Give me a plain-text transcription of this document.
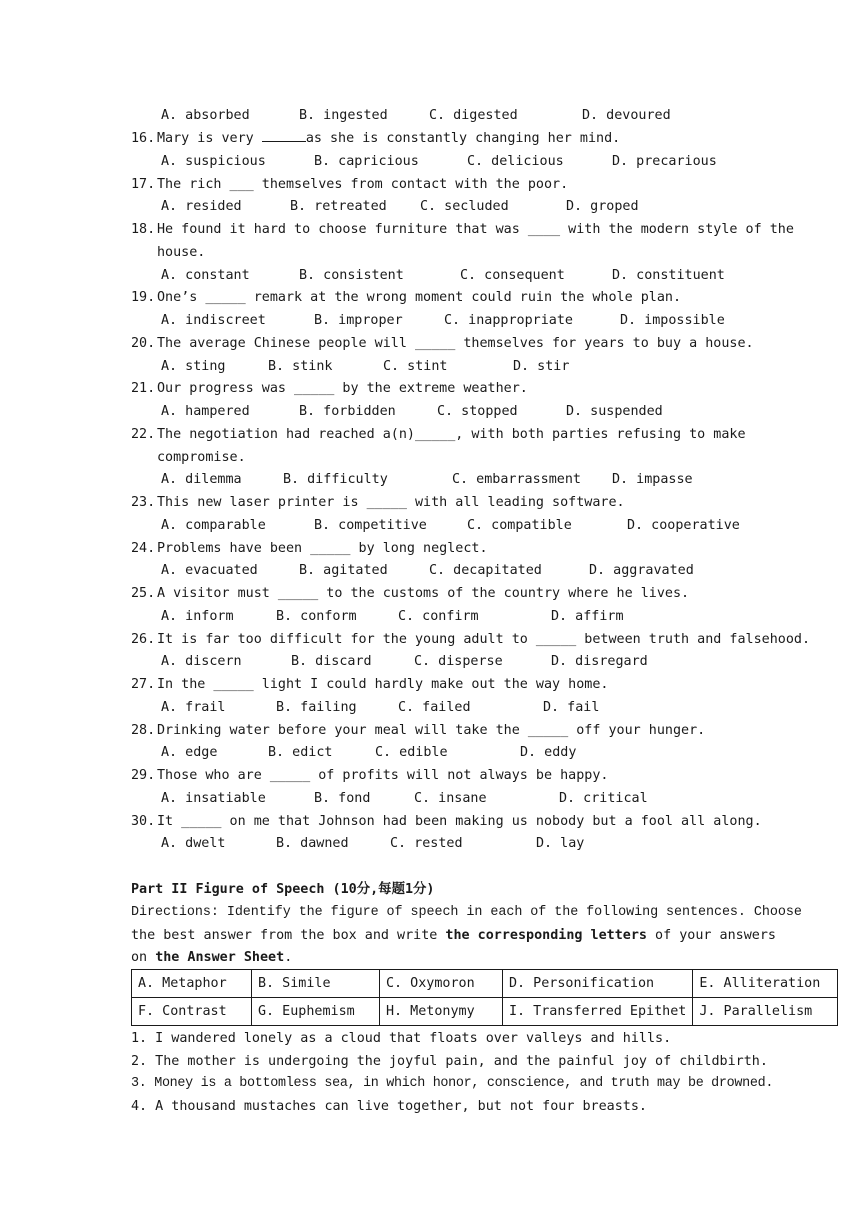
A. absorbed	B. ingested	C. digested	D. devoured
16. Mary is very	as she is constantly changing her mind.
A. suspicious	B. capricious	C. delicious	D. precarious
17. The rich ___ themselves from contact with the poor.
A. resided	B. retreated C. secluded	D. groped
18. He found it hard to choose furniture that was ____ with the modern style of the
house.
A. constant	B. consistent	C. consequent	D. constituent
19. One’s _____ remark at the wrong moment could ruin the whole plan.
A. indiscreet	B. improper	C. inappropriate	D. impossible
20. The average Chinese people will _____ themselves for years to buy a house.
A. sting	B. stink	C. stint	D. stir
21. Our progress was _____ by the extreme weather.
A. hampered	B. forbidden	C. stopped	D. suspended
22. The negotiation had reached a(n)_____, with both parties refusing to make
compromise.
A. dilemma	B. difficulty	C. embarrassment D. impasse
23. This new laser printer is _____ with all leading software.
A. comparable	B. competitive	C. compatible	D. cooperative
24. Problems have been _____ by long neglect.
A. evacuated	B. agitated	C. decapitated	D. aggravated
25. A visitor must _____ to the customs of the country where he lives.
A. inform	B. conform	C. confirm	D. affirm
26. It is far too difficult for the young adult to _____ between truth and falsehood.
A. discern	B. discard	C. disperse	D. disregard
27. In the _____ light I could hardly make out the way home.
A. frail	B. failing	C. failed	D. fail
28. Drinking water before your meal will take the _____ off your hunger.
A. edge	B. edict	C. edible	D. eddy
29. Those who are _____ of profits will not always be happy.
A. insatiable	B. fond	C. insane	D. critical
30. It _____ on me that Johnson had been making us nobody but a fool all along.
A. dwelt	B. dawned	C. rested	D. lay
Part II Figure of Speech (10分,每题1分)
Directions: Identify the figure of speech in each of the following sentences. Choose
the best answer from the box and write the corresponding letters of your answers
on the Answer Sheet.
A. Metaphor	B. Simile	C. Oxymoron	D. Personification	E. Alliteration
F. Contrast	G. Euphemism	H. Metonymy	I. Transferred Epithet	J. Parallelism
1. I wandered lonely as a cloud that floats over valleys and hills.
2. The mother is undergoing the joyful pain, and the painful joy of childbirth.
3. Money is a bottomless sea, in which honor, conscience, and truth may be drowned.
4. A thousand mustaches can live together, but not four breasts.
